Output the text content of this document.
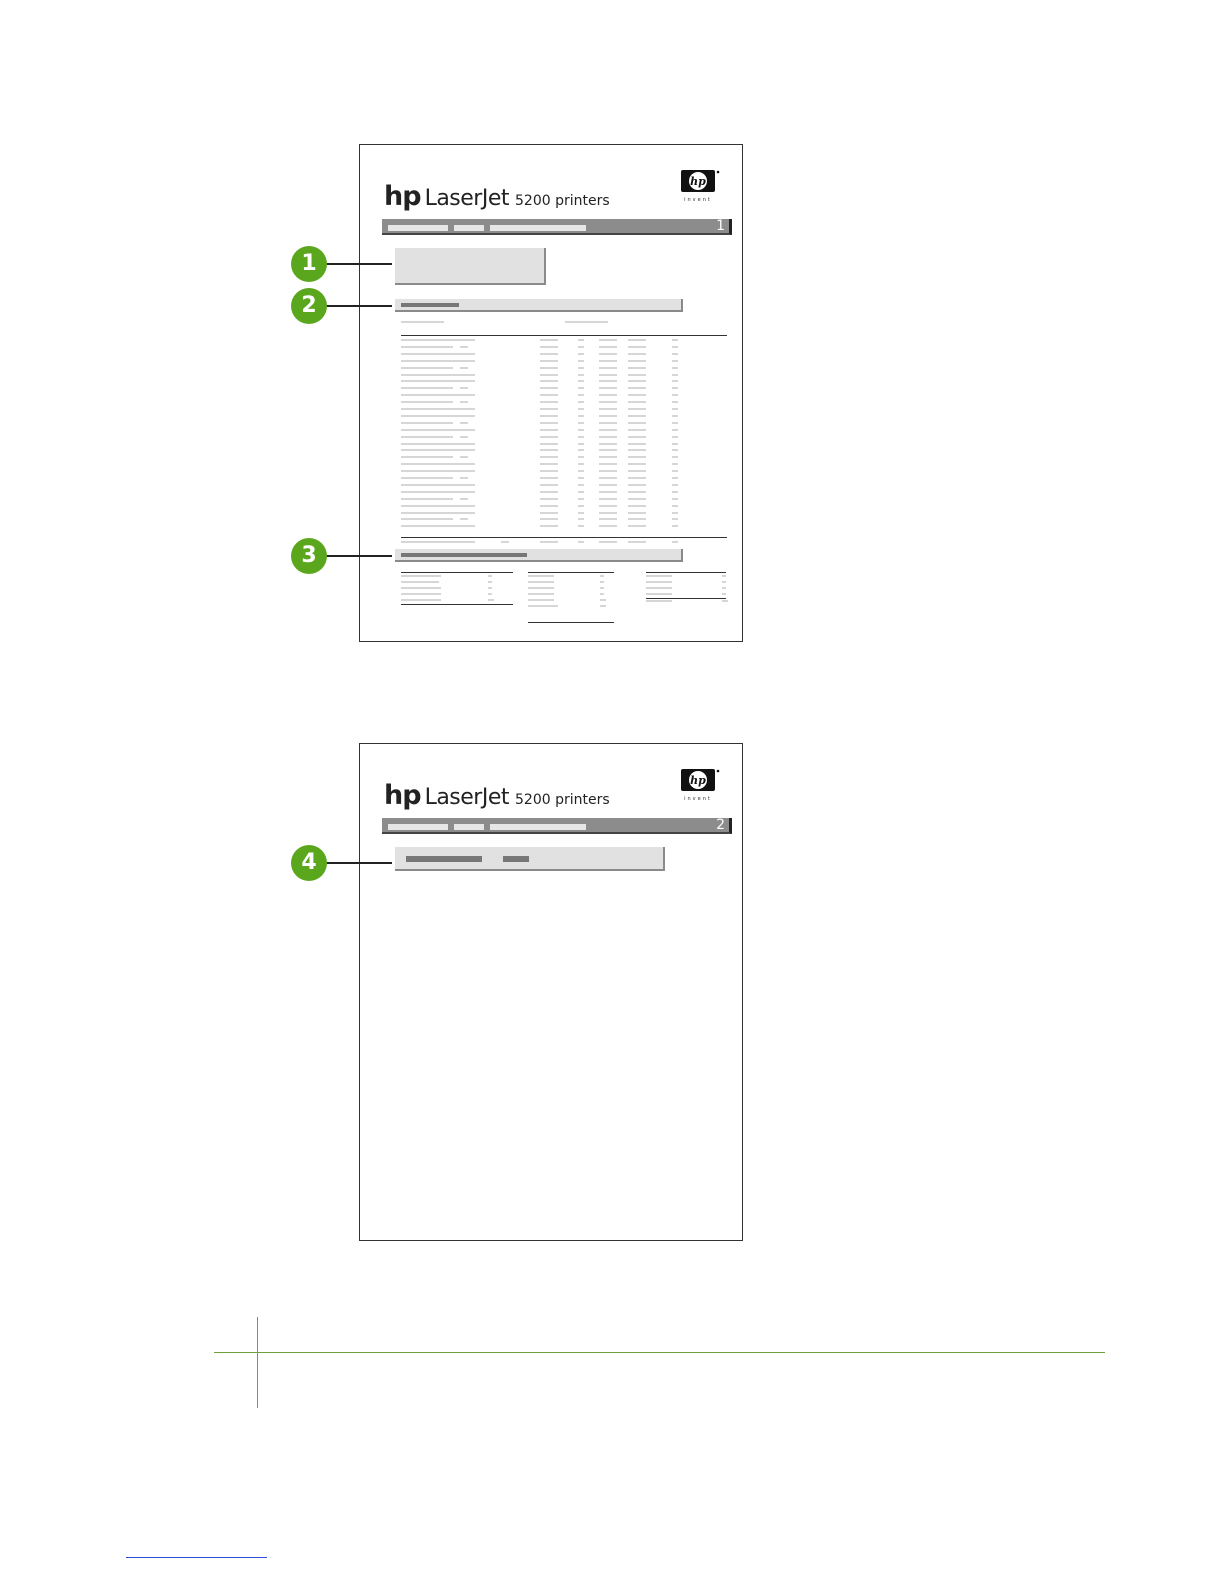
hp LaserJet 5200 printers
hp
invent
1
hp LaserJet 5200 printers
hp
invent
2
1
2
3
4
